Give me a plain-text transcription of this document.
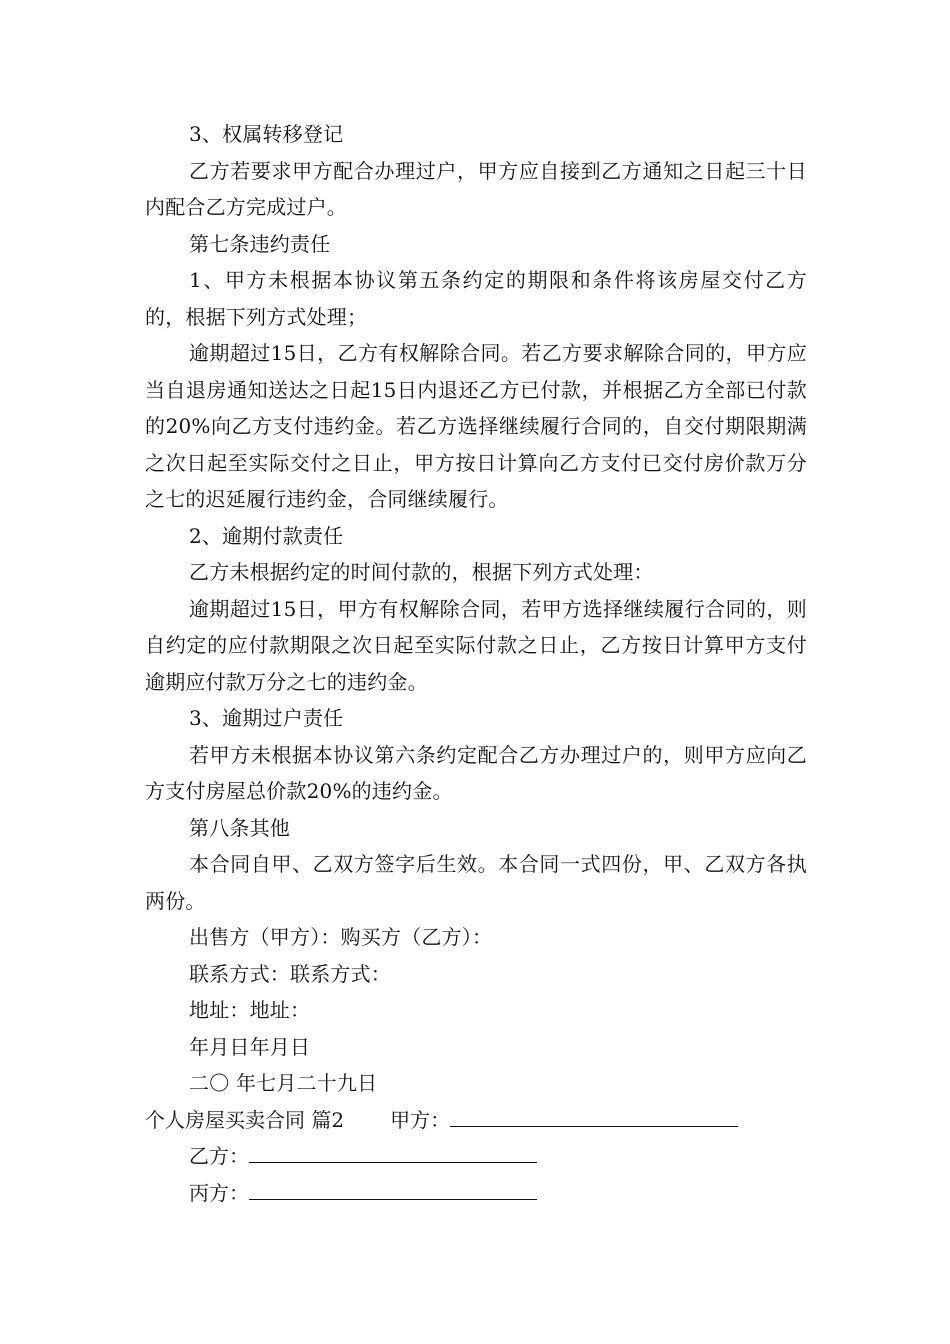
3、权属转移登记

乙方若要求甲方配合办理过户，甲方应自接到乙方通知之日起三十日内配合乙方完成过户。

第七条违约责任

1、甲方未根据本协议第五条约定的期限和条件将该房屋交付乙方的，根据下列方式处理；

逾期超过15日，乙方有权解除合同。若乙方要求解除合同的，甲方应当自退房通知送达之日起15日内退还乙方已付款，并根据乙方全部已付款的20%向乙方支付违约金。若乙方选择继续履行合同的，自交付期限期满之次日起至实际交付之日止，甲方按日计算向乙方支付已交付房价款万分之七的迟延履行违约金，合同继续履行。

2、逾期付款责任

乙方未根据约定的时间付款的，根据下列方式处理：

逾期超过15日，甲方有权解除合同，若甲方选择继续履行合同的，则自约定的应付款期限之次日起至实际付款之日止，乙方按日计算甲方支付逾期应付款万分之七的违约金。

3、逾期过户责任

若甲方未根据本协议第六条约定配合乙方办理过户的，则甲方应向乙方支付房屋总价款20%的违约金。

第八条其他

本合同自甲、乙双方签字后生效。本合同一式四份，甲、乙双方各执两份。

出售方（甲方）：购买方（乙方）：

联系方式：联系方式：

地址：地址：

年月日年月日

二〇 年七月二十九日

个人房屋买卖合同 篇2 甲方：
乙方：
丙方：
